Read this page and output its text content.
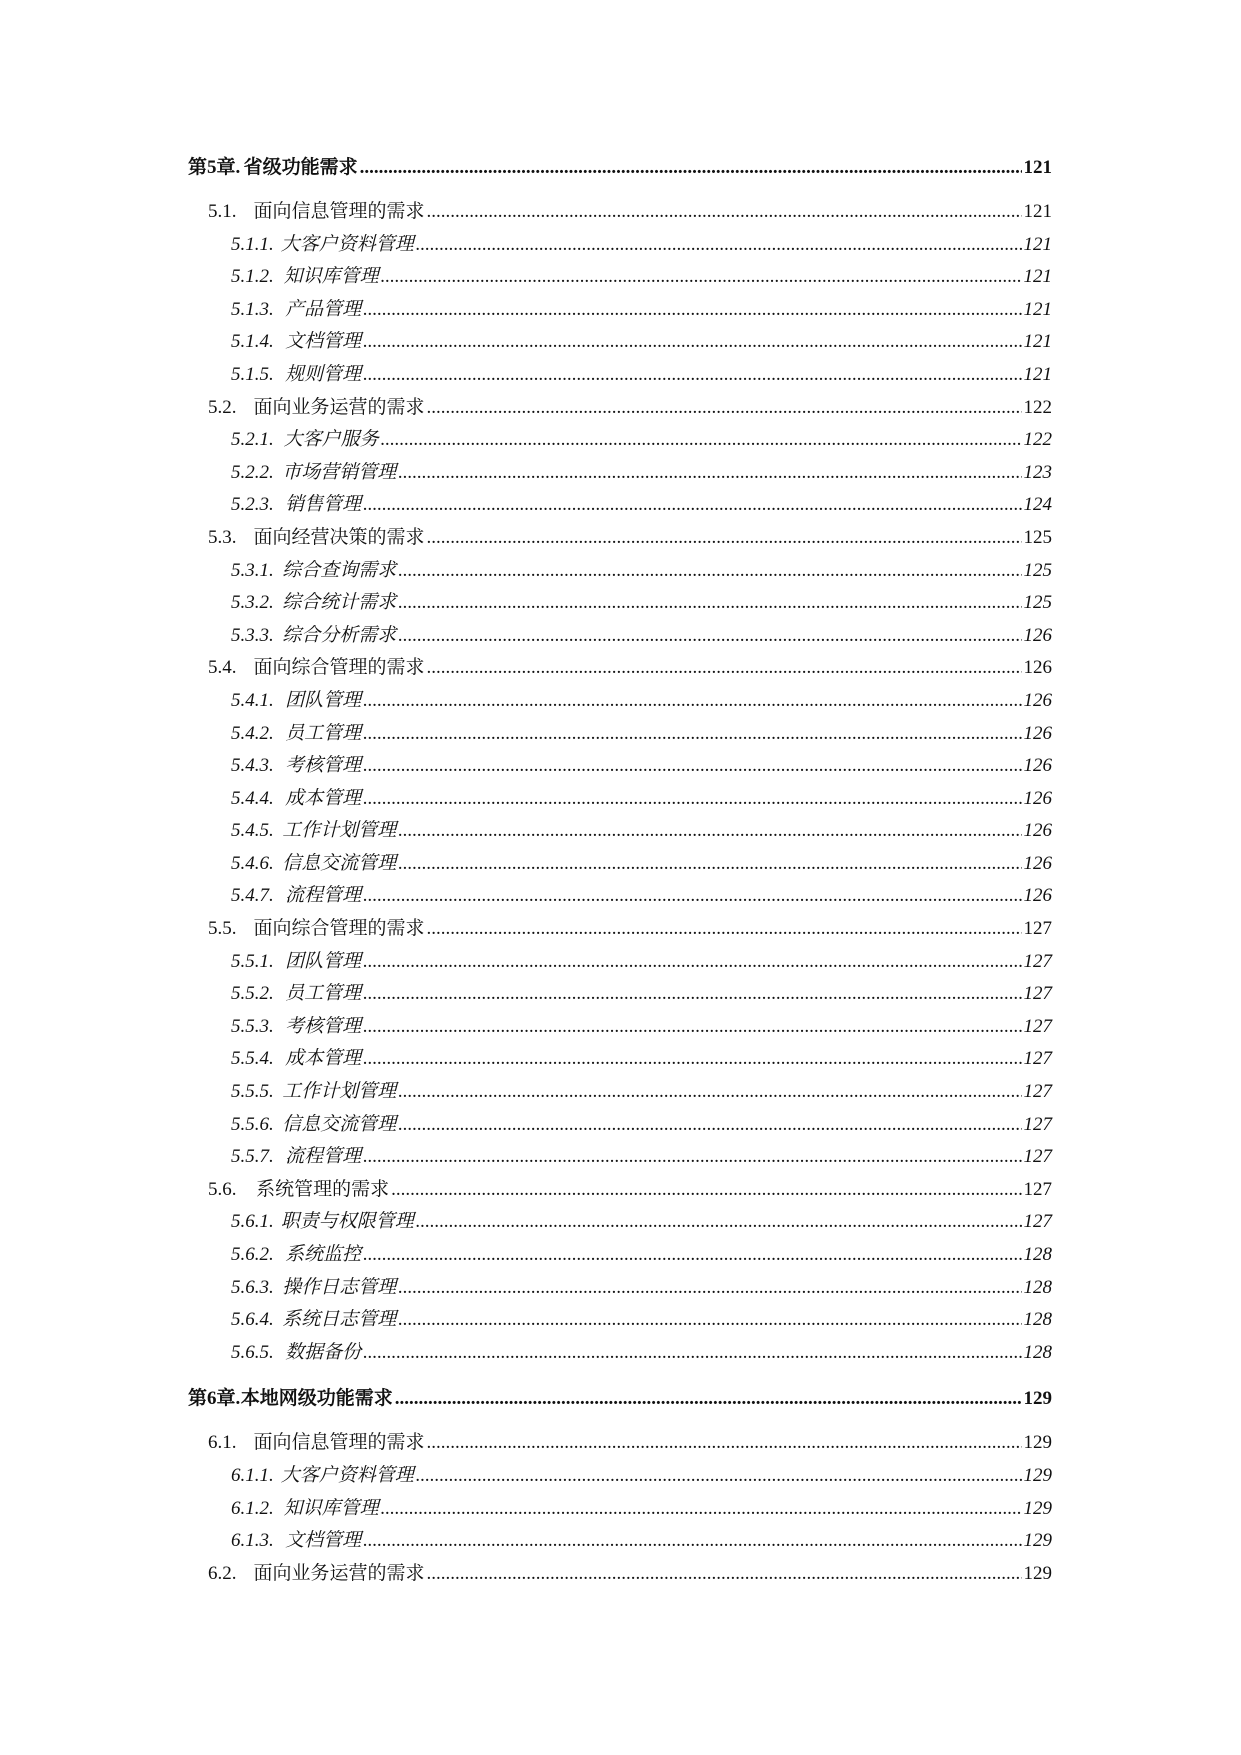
第5章. 省级功能需求 .....	121
5.1. 面向信息管理的需求 .....	121
5.1.1. 大客户资料管理 .....	121
5.1.2. 知识库管理 .....	121
5.1.3. 产品管理 .....	121
5.1.4. 文档管理 .....	121
5.1.5. 规则管理 .....	121
5.2. 面向业务运营的需求 .....	122
5.2.1. 大客户服务 .....	122
5.2.2. 市场营销管理 .....	123
5.2.3. 销售管理 .....	124
5.3. 面向经营决策的需求 .....	125
5.3.1. 综合查询需求 .....	125
5.3.2. 综合统计需求 .....	125
5.3.3. 综合分析需求 .....	126
5.4. 面向综合管理的需求 .....	126
5.4.1. 团队管理 .....	126
5.4.2. 员工管理 .....	126
5.4.3. 考核管理 .....	126
5.4.4. 成本管理 .....	126
5.4.5. 工作计划管理 .....	126
5.4.6. 信息交流管理 .....	126
5.4.7. 流程管理 .....	126
5.5. 面向综合管理的需求 .....	127
5.5.1. 团队管理 .....	127
5.5.2. 员工管理 .....	127
5.5.3. 考核管理 .....	127
5.5.4. 成本管理 .....	127
5.5.5. 工作计划管理 .....	127
5.5.6. 信息交流管理 .....	127
5.5.7. 流程管理 .....	127
5.6.	系统管理的需求 .....	127
5.6.1. 职责与权限管理 .....	127
5.6.2. 系统监控 .....	128
5.6.3. 操作日志管理 .....	128
5.6.4. 系统日志管理 .....	128
5.6.5. 数据备份 .....	128
第6章. 本地网级功能需求 .....	129
6.1. 面向信息管理的需求 .....	129
6.1.1. 大客户资料管理 .....	129
6.1.2. 知识库管理 .....	129
6.1.3. 文档管理 .....	129
6.2. 面向业务运营的需求 .....	129
